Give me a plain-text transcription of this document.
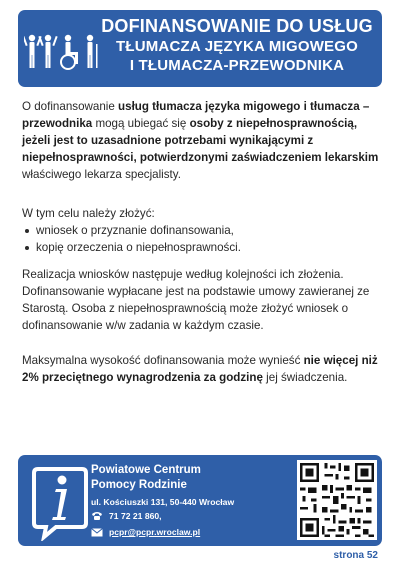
DOFINANSOWANIE DO USŁUG
TŁUMACZA JĘZYKA MIGOWEGO
I TŁUMACZA-PRZEWODNIKA
O dofinansowanie usług tłumacza języka migowego i tłumacza – przewodnika mogą ubiegać się osoby z niepełnosprawnością, jeżeli jest to uzasadnione potrzebami wynikającymi z niepełnosprawności, potwierdzonymi zaświadczeniem lekarskim właściwego lekarza specjalisty.
W tym celu należy złożyć:
wniosek o przyznanie dofinansowania,
kopię orzeczenia o niepełnosprawności.
Realizacja wniosków następuje według kolejności ich złożenia. Dofinansowanie wypłacane jest na podstawie umowy zawieranej ze Starostą. Osoba z niepełnosprawnością może złożyć wniosek o dofinansowanie w/w zadania w każdym czasie.
Maksymalna wysokość dofinansowania może wynieść nie więcej niż 2% przeciętnego wynagrodzenia za godzinę jej świadczenia.
Powiatowe Centrum
Pomocy Rodzinie
ul. Kościuszki 131, 50-440 Wrocław
71 72 21 860,
pcpr@pcpr.wroclaw.pl
strona 52
